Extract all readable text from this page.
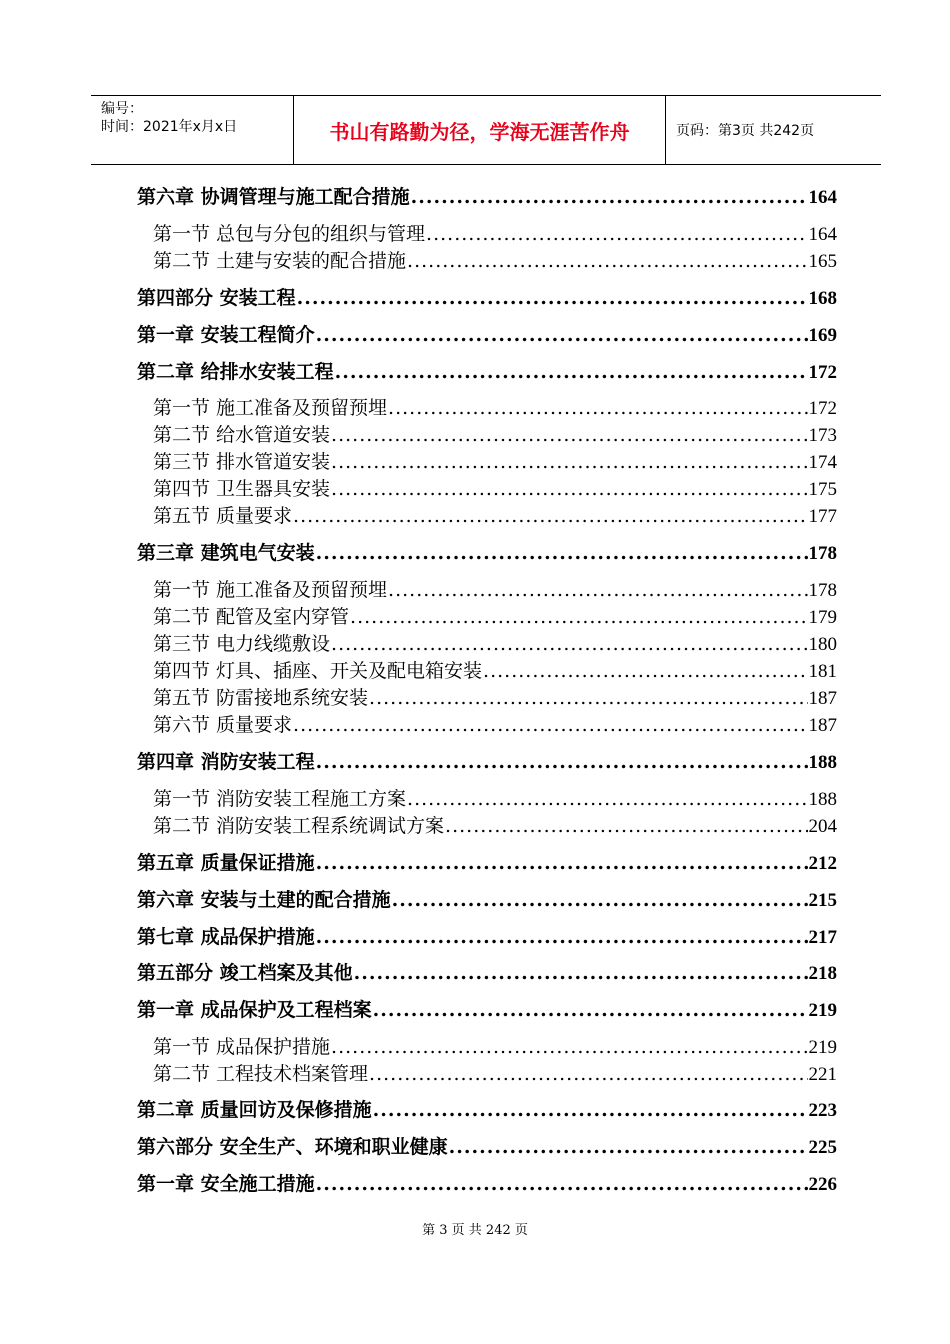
编号：
时间：2021年x月x日	书山有路勤为径，学海无涯苦作舟	页码：第3页 共242页
第六章 协调管理与施工配合措施 .....	164
第一节 总包与分包的组织与管理 .....	164
第二节 土建与安装的配合措施 .....	165
第四部分 安装工程 .....	168
第一章 安装工程简介 .....	169
第二章 给排水安装工程 .....	172
第一节 施工准备及预留预埋 .....	172
第二节 给水管道安装 .....	173
第三节 排水管道安装 .....	174
第四节 卫生器具安装 .....	175
第五节 质量要求 .....	177
第三章 建筑电气安装 .....	178
第一节 施工准备及预留预埋 .....	178
第二节 配管及室内穿管 .....	179
第三节 电力线缆敷设 .....	180
第四节 灯具、插座、开关及配电箱安装 .....	181
第五节 防雷接地系统安装 .....	187
第六节 质量要求 .....	187
第四章 消防安装工程 .....	188
第一节 消防安装工程施工方案 .....	188
第二节 消防安装工程系统调试方案 .....	204
第五章 质量保证措施 .....	212
第六章 安装与土建的配合措施 .....	215
第七章 成品保护措施 .....	217
第五部分 竣工档案及其他 .....	218
第一章 成品保护及工程档案 .....	219
第一节 成品保护措施 .....	219
第二节 工程技术档案管理 .....	221
第二章 质量回访及保修措施 .....	223
第六部分 安全生产、环境和职业健康 .....	225
第一章 安全施工措施 .....	226
第 3 页 共 242 页
